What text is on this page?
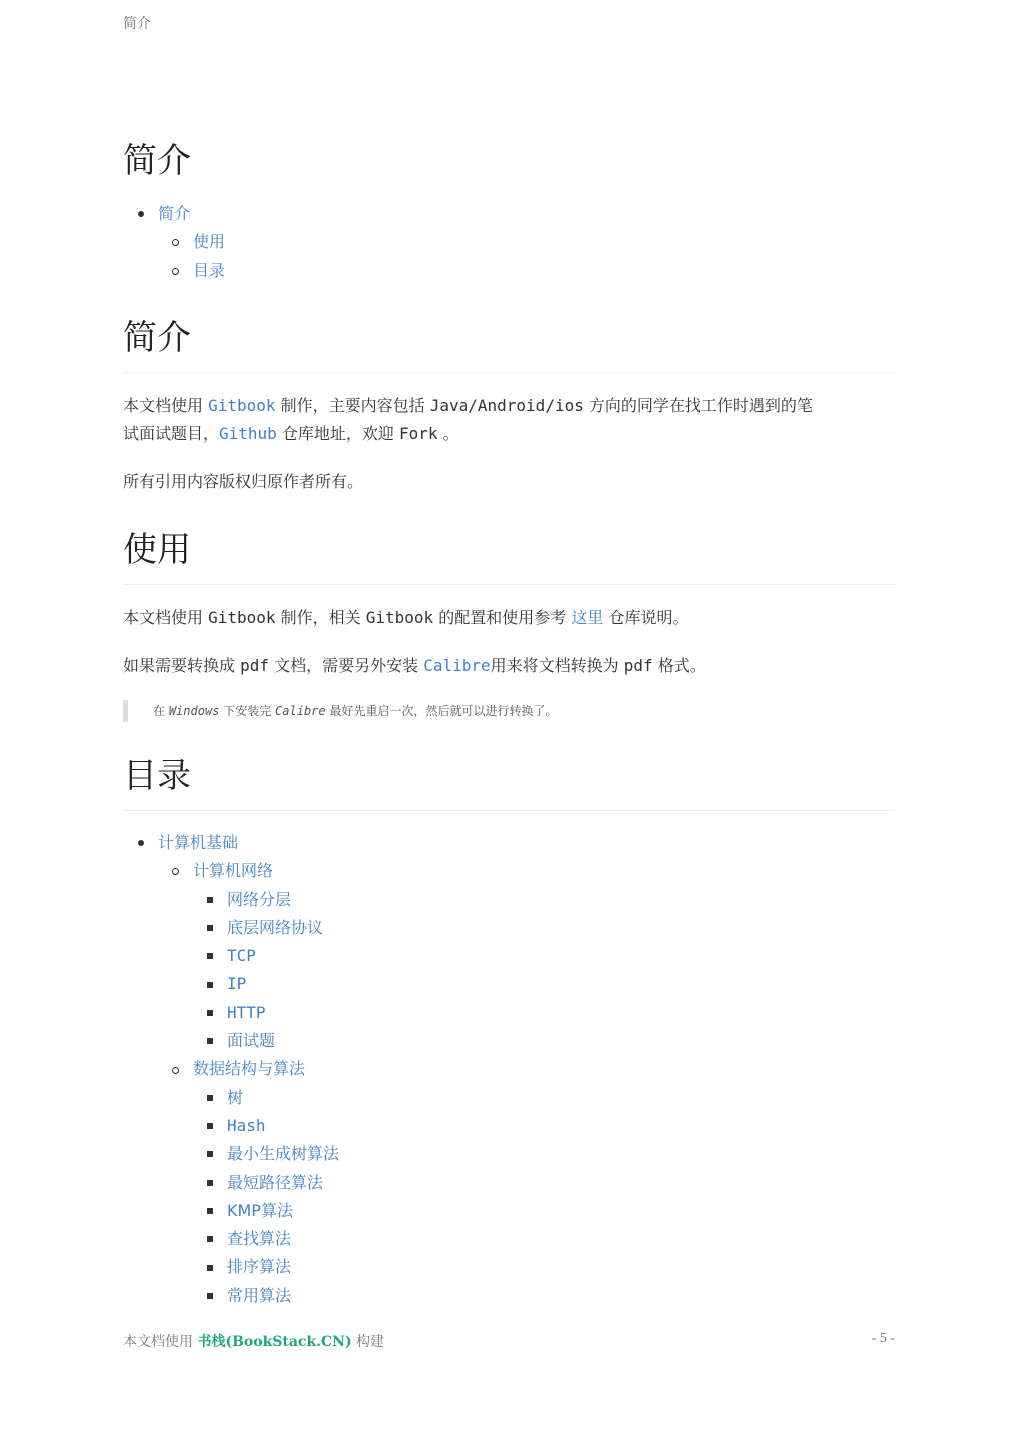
简介
简介
简介
使用
目录
简介

本文档使用 Gitbook 制作，主要内容包括 Java/Android/ios 方向的同学在找工作时遇到的笔
试面试题目，Github 仓库地址，欢迎 Fork 。

所有引用内容版权归原作者所有。

使用

本文档使用 Gitbook 制作，相关 Gitbook 的配置和使用参考 这里 仓库说明。

如果需要转换成 pdf 文档，需要另外安装 Calibre用来将文档转换为 pdf 格式。

在 Windows 下安装完 Calibre 最好先重启一次，然后就可以进行转换了。
目录
计算机基础
计算机网络
网络分层
底层网络协议
TCP
IP
HTTP
面试题
数据结构与算法
树
Hash
最小生成树算法
最短路径算法
KMP算法
查找算法
排序算法
常用算法
本文档使用 书栈(BookStack.CN) 构建	- 5 -
